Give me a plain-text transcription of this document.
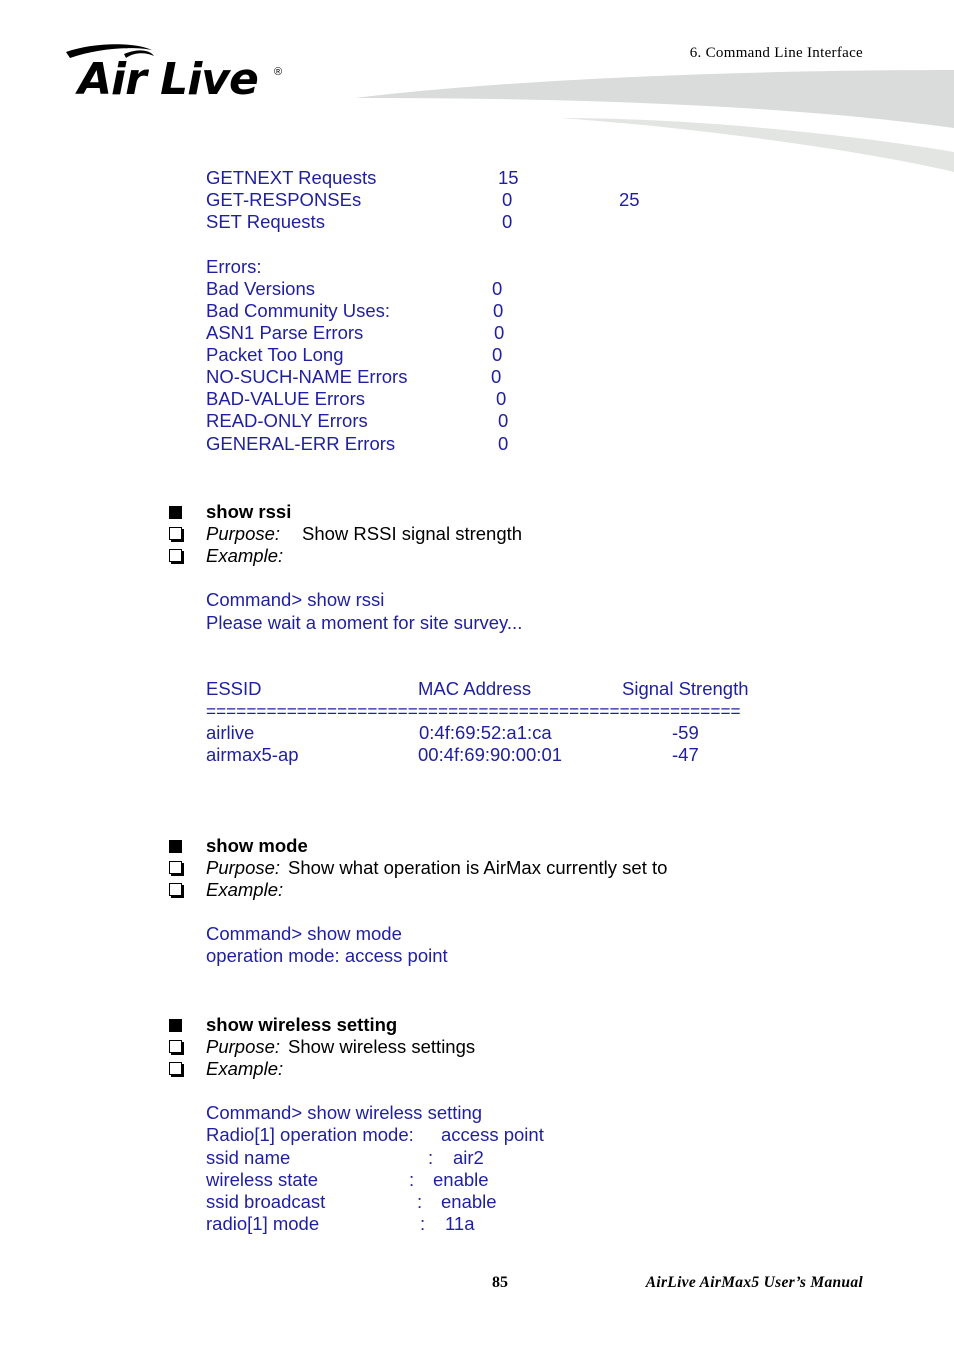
Air Live ®
6. Command Line Interface
GETNEXT Requests	15
GET-RESPONSEs	0	25
SET Requests	0
Errors:
Bad Versions	0
Bad Community Uses:	0
ASN1 Parse Errors	0
Packet Too Long	0
NO-SUCH-NAME Errors	0
BAD-VALUE Errors	0
READ-ONLY Errors	0
GENERAL-ERR Errors	0
show rssi
Purpose: Show RSSI signal strength
Example:
Command> show rssi
Please wait a moment for site survey...
ESSID	MAC Address	Signal Strength
=====================================================
airlive	0:4f:69:52:a1:ca	-59
airmax5-ap	00:4f:69:90:00:01	-47
show mode
Purpose: Show what operation is AirMax currently set to
Example:
Command> show mode
operation mode: access point
show wireless setting
Purpose: Show wireless settings
Example:
Command> show wireless setting
Radio[1] operation mode: access point
ssid name	: air2
wireless state	: enable
ssid broadcast	: enable
radio[1] mode	: 11a
85	AirLive AirMax5 User’s Manual
